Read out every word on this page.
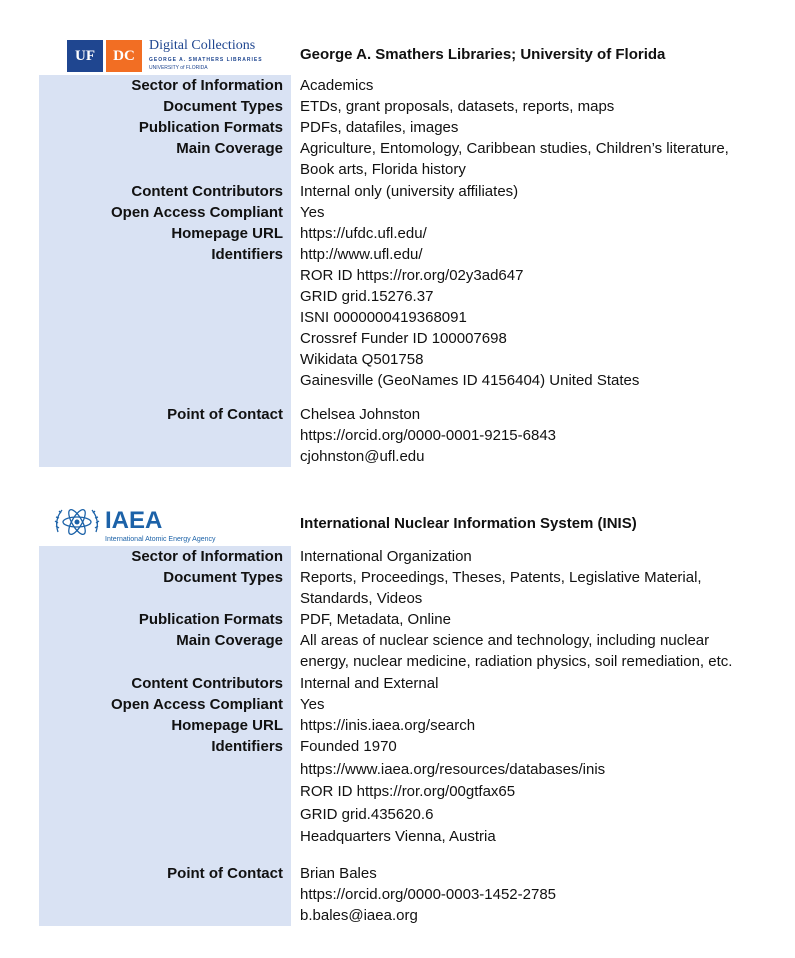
UF	DC
Digital Collections
GEORGE A. SMATHERS LIBRARIES
UNIVERSITY of FLORIDA
George A. Smathers Libraries; University of Florida
Sector of Information Academics
Document Types ETDs, grant proposals, datasets, reports, maps
Publication Formats PDFs, datafiles, images
Main Coverage Agriculture, Entomology, Caribbean studies, Children’s literature,
Book arts, Florida history
Content Contributors Internal only (university affiliates)
Open Access Compliant Yes
Homepage URL https://ufdc.ufl.edu/
Identifiers http://www.ufl.edu/
ROR ID https://ror.org/02y3ad647
GRID grid.15276.37
ISNI 0000000419368091
Crossref Funder ID 100007698
Wikidata Q501758
Gainesville (GeoNames ID 4156404) United States
Point of Contact Chelsea Johnston
https://orcid.org/0000-0001-9215-6843
cjohnston@ufl.edu
IAEA
International Atomic Energy Agency
International Nuclear Information System (INIS)
Sector of Information International Organization
Document Types Reports, Proceedings, Theses, Patents, Legislative Material,
Standards, Videos
Publication Formats PDF, Metadata, Online
Main Coverage All areas of nuclear science and technology, including nuclear
energy, nuclear medicine, radiation physics, soil remediation, etc.
Content Contributors Internal and External
Open Access Compliant Yes
Homepage URL https://inis.iaea.org/search
Identifiers Founded 1970
https://www.iaea.org/resources/databases/inis
ROR ID https://ror.org/00gtfax65
GRID grid.435620.6
Headquarters Vienna, Austria
Point of Contact Brian Bales
https://orcid.org/0000-0003-1452-2785
b.bales@iaea.org
